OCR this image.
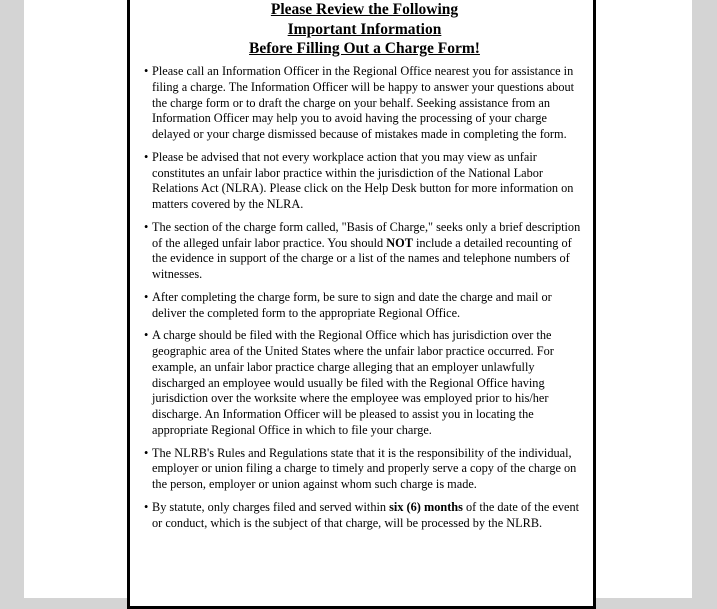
Please Review the Following
Important Information
Before Filling Out a Charge Form!
• Please call an Information Officer in the Regional Office nearest you for assistance in filing a charge. The Information Officer will be happy to answer your questions about the charge form or to draft the charge on your behalf. Seeking assistance from an Information Officer may help you to avoid having the processing of your charge delayed or your charge dismissed because of mistakes made in completing the form.
• Please be advised that not every workplace action that you may view as unfair constitutes an unfair labor practice within the jurisdiction of the National Labor Relations Act (NLRA). Please click on the Help Desk button for more information on matters covered by the NLRA.
• The section of the charge form called, "Basis of Charge," seeks only a brief description of the alleged unfair labor practice. You should NOT include a detailed recounting of the evidence in support of the charge or a list of the names and telephone numbers of witnesses.
• After completing the charge form, be sure to sign and date the charge and mail or deliver the completed form to the appropriate Regional Office.
• A charge should be filed with the Regional Office which has jurisdiction over the geographic area of the United States where the unfair labor practice occurred. For example, an unfair labor practice charge alleging that an employer unlawfully discharged an employee would usually be filed with the Regional Office having jurisdiction over the worksite where the employee was employed prior to his/her discharge. An Information Officer will be pleased to assist you in locating the appropriate Regional Office in which to file your charge.
• The NLRB's Rules and Regulations state that it is the responsibility of the individual, employer or union filing a charge to timely and properly serve a copy of the charge on the person, employer or union against whom such charge is made.
• By statute, only charges filed and served within six (6) months of the date of the event or conduct, which is the subject of that charge, will be processed by the NLRB.
